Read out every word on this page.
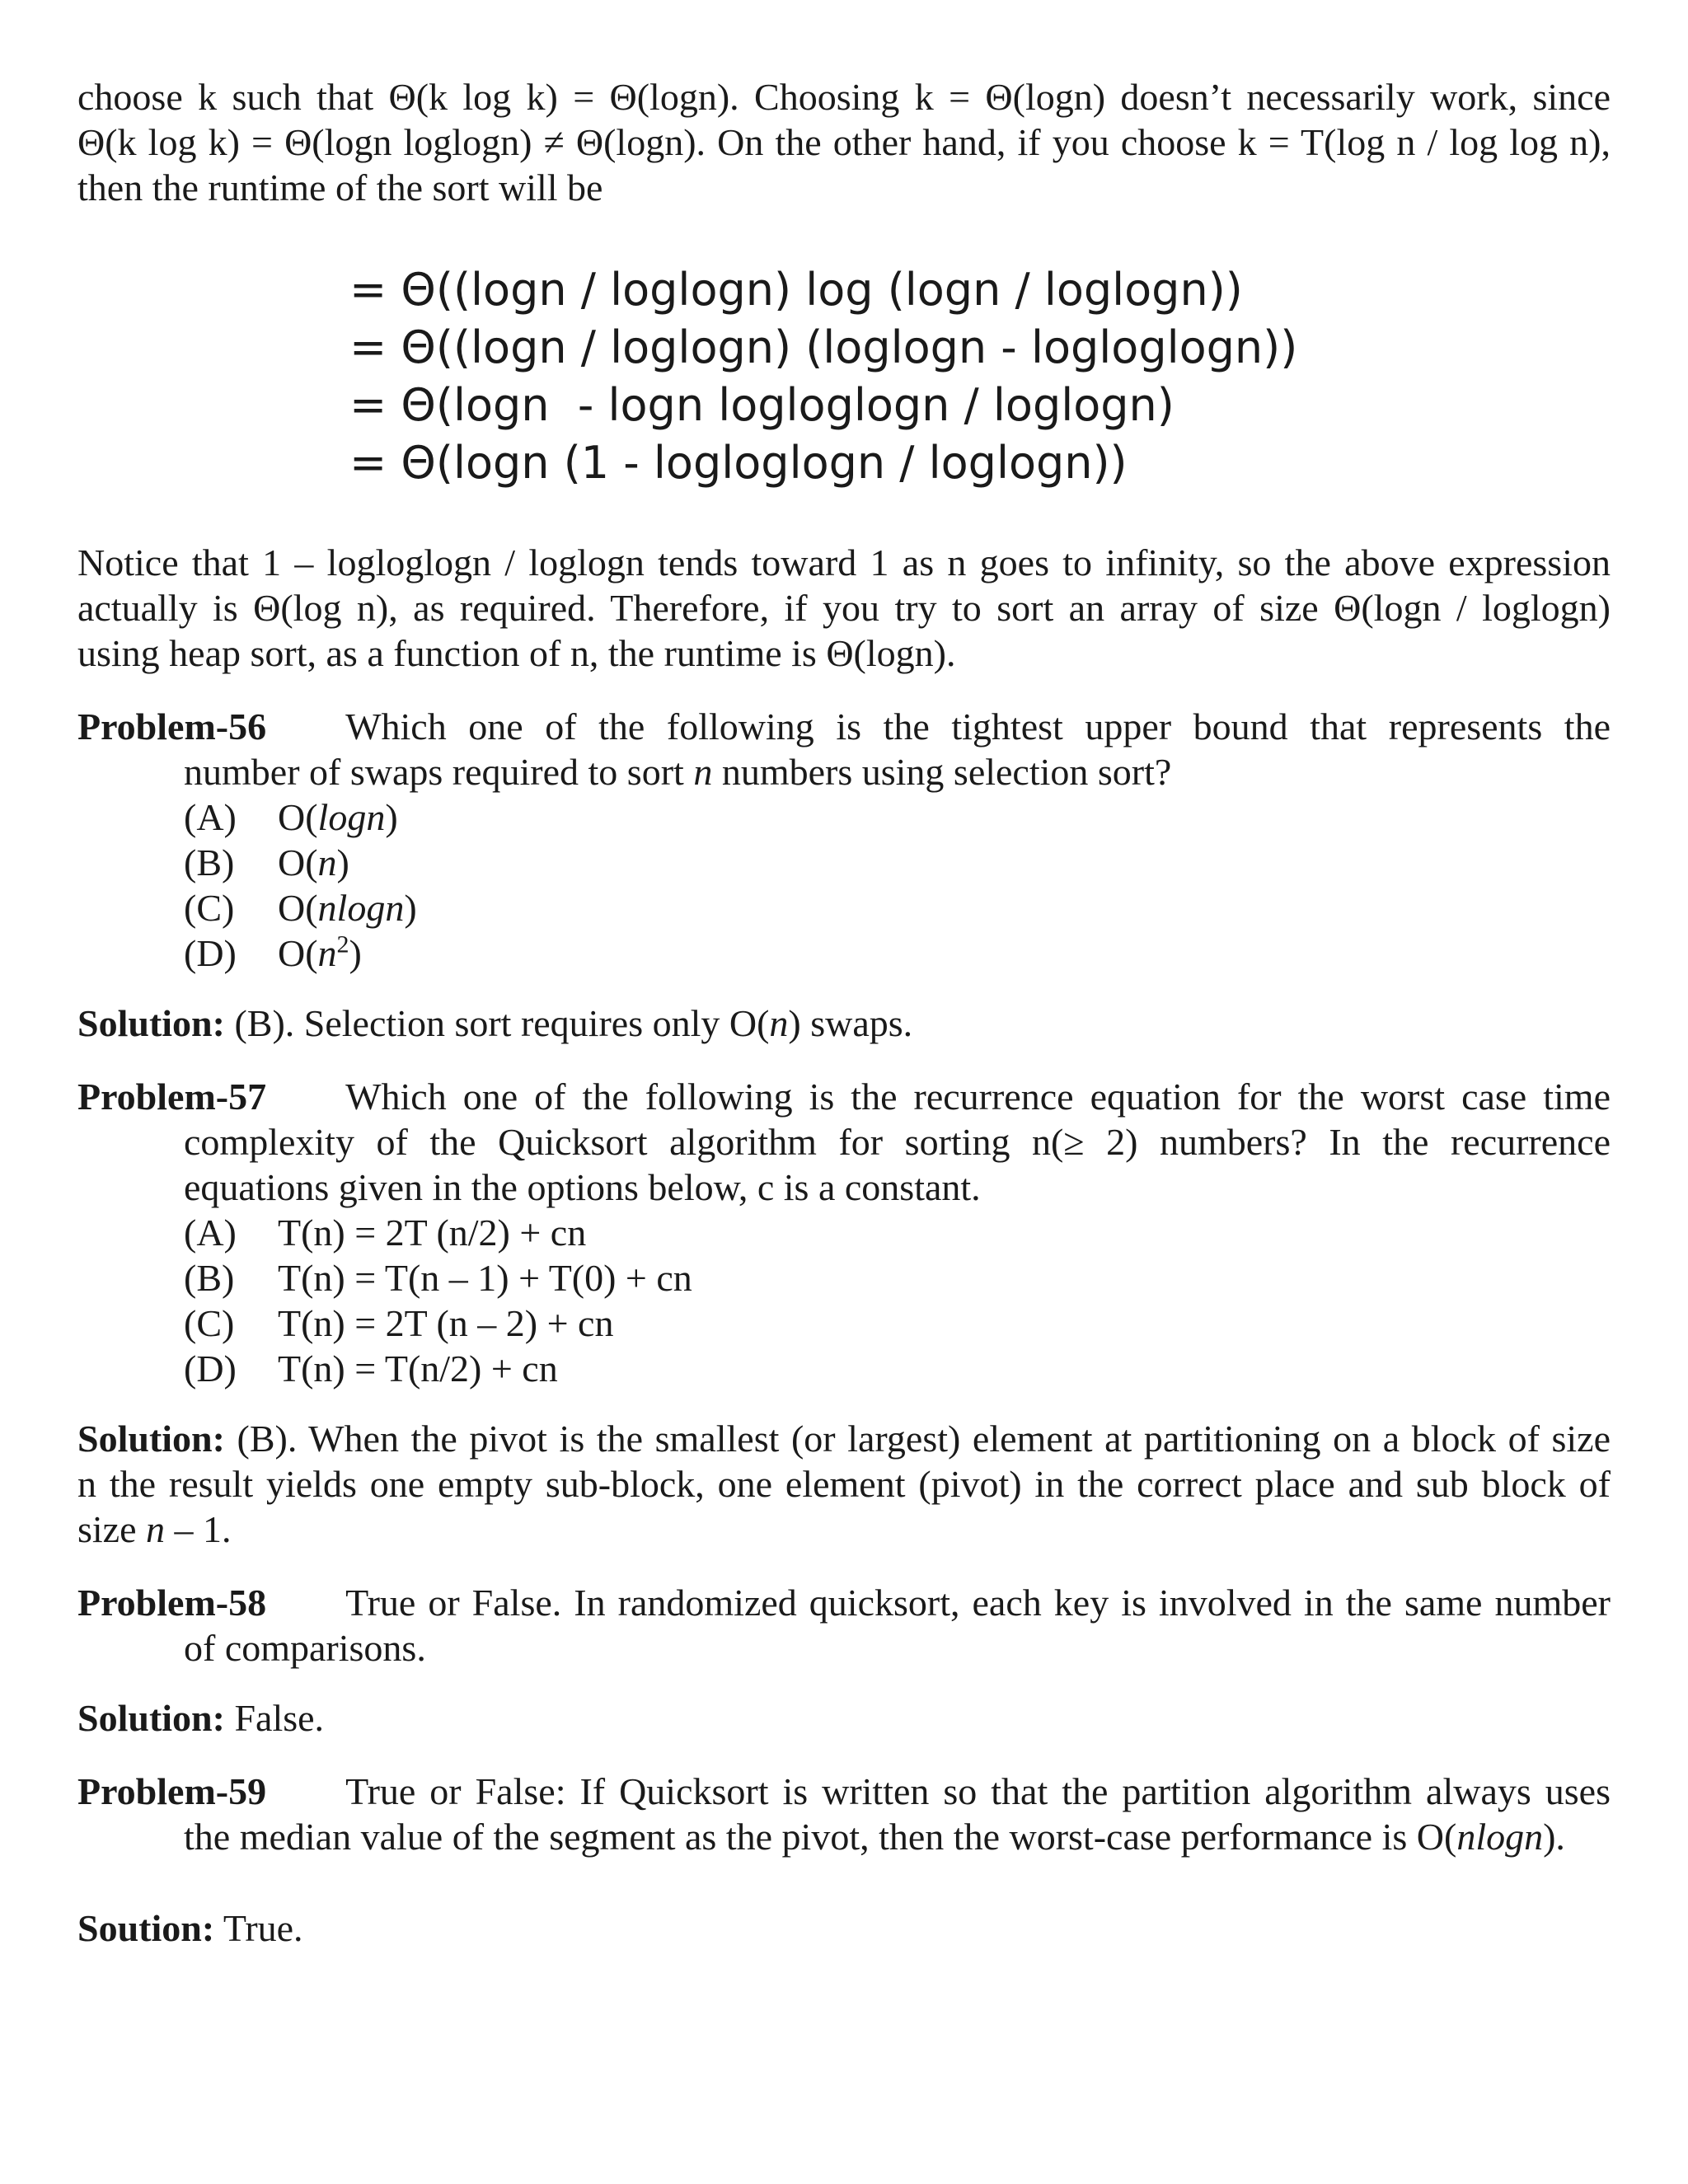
choose k such that Θ(k log k) = Θ(logn). Choosing k = Θ(logn) doesn’t necessarily work, since
Θ(k log k) = Θ(logn loglogn) ≠ Θ(logn). On the other hand, if you choose k = T(log n / log log n),
then the runtime of the sort will be

= Θ((logn / loglogn) log (logn / loglogn))
= Θ((logn / loglogn) (loglogn - logloglogn))
= Θ(logn  - logn logloglogn / loglogn)
= Θ(logn (1 - logloglogn / loglogn))

Notice that 1 – logloglogn / loglogn tends toward 1 as n goes to infinity, so the above expression
actually is Θ(log n), as required. Therefore, if you try to sort an array of size Θ(logn / loglogn)
using heap sort, as a function of n, the runtime is Θ(logn).

Problem-56 Which one of the following is the tightest upper bound that represents the
number of swaps required to sort n numbers using selection sort?
(A) O(logn)
(B) O(n)
(C) O(nlogn)
(D) $O(n^2)$
Solution: (B). Selection sort requires only O(n) swaps.
Problem-57 Which one of the following is the recurrence equation for the worst case time
complexity of the Quicksort algorithm for sorting n(≥ 2) numbers? In the recurrence
equations given in the options below, c is a constant.
(A) T(n) = 2T (n/2) + cn
(B) T(n) = T(n – 1) + T(0) + cn
(C) T(n) = 2T (n – 2) + cn
(D) T(n) = T(n/2) + cn
Solution: (B). When the pivot is the smallest (or largest) element at partitioning on a block of size
n the result yields one empty sub-block, one element (pivot) in the correct place and sub block of
size n – 1.
Problem-58 True or False. In randomized quicksort, each key is involved in the same number
of comparisons.
Solution: False.
Problem-59 True or False: If Quicksort is written so that the partition algorithm always uses
the median value of the segment as the pivot, then the worst-case performance is O(nlogn).
Soution: True.
